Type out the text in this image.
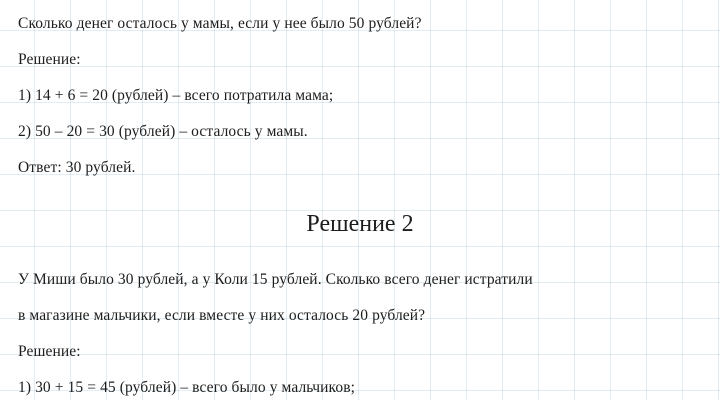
Сколько денег осталось у мамы, если у нее было 50 рублей?
Решение:
1) 14 + 6 = 20 (рублей) – всего потратила мама;
2) 50 – 20 = 30 (рублей) – осталось у мамы.
Ответ: 30 рублей.
Решение 2
У Миши было 30 рублей, а у Коли 15 рублей. Сколько всего денег истратили
в магазине мальчики, если вместе у них осталось 20 рублей?
Решение:
1) 30 + 15 = 45 (рублей) – всего было у мальчиков;
